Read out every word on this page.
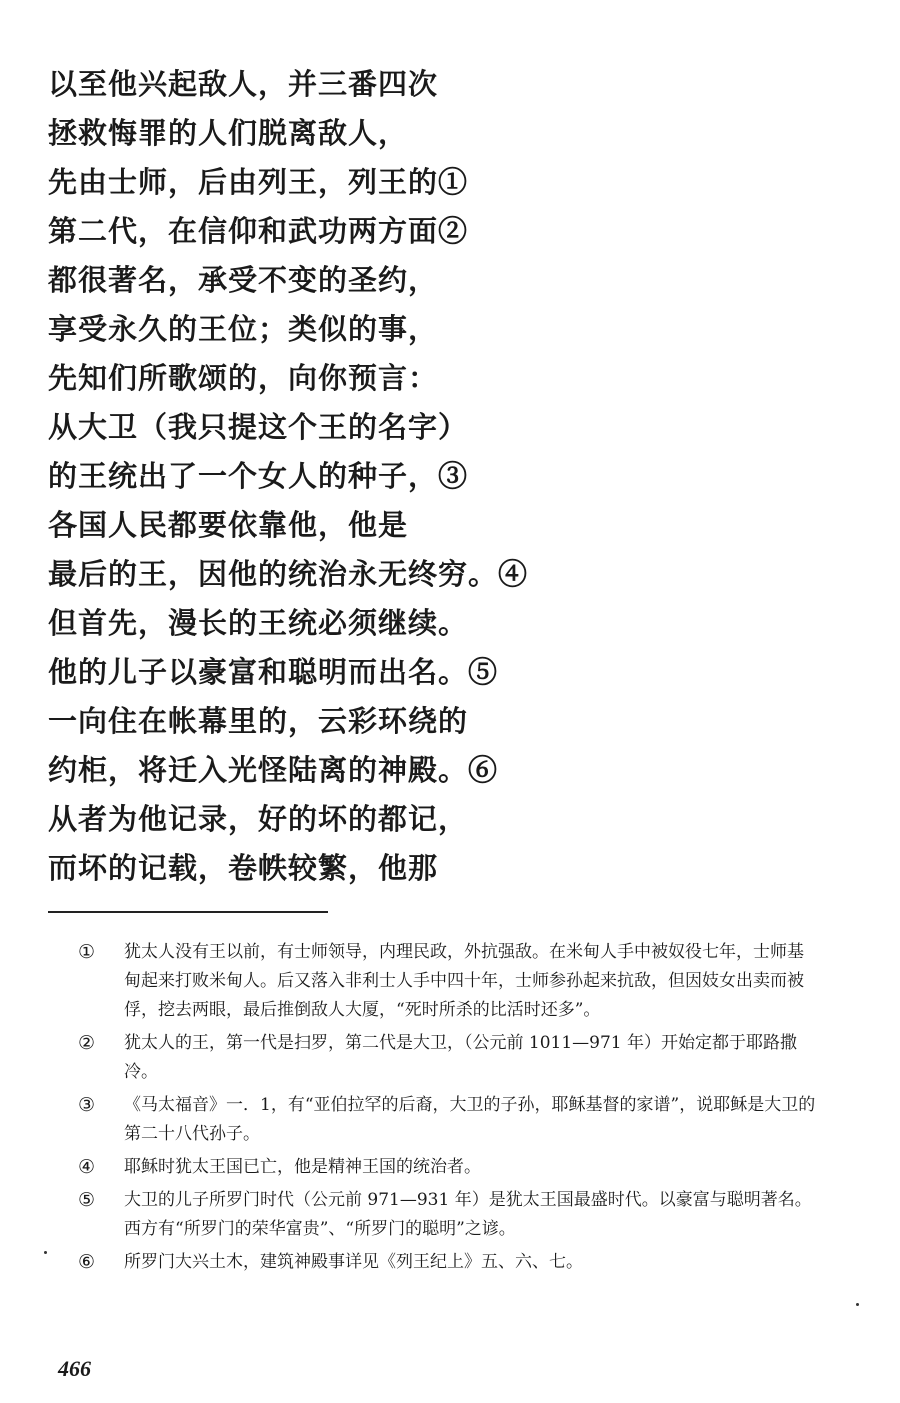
以至他兴起敌人，并三番四次
拯救悔罪的人们脱离敌人，
先由士师，后由列王，列王的①
第二代，在信仰和武功两方面②
都很著名，承受不变的圣约，
享受永久的王位；类似的事，
先知们所歌颂的，向你预言：
从大卫（我只提这个王的名字）
的王统出了一个女人的种子，③
各国人民都要依靠他，他是
最后的王，因他的统治永无终穷。④
但首先，漫长的王统必须继续。
他的儿子以豪富和聪明而出名。⑤
一向住在帐幕里的，云彩环绕的
约柜，将迁入光怪陆离的神殿。⑥
从者为他记录，好的坏的都记，
而坏的记载，卷帙较繁，他那
①	犹太人没有王以前，有士师领导，内理民政，外抗强敌。在米甸人手中被奴役七年，士师基甸起来打败米甸人。后又落入非利士人手中四十年，士师参孙起来抗敌，但因妓女出卖而被俘，挖去两眼，最后推倒敌人大厦，“死时所杀的比活时还多”。
②	犹太人的王，第一代是扫罗，第二代是大卫，（公元前 1011—971 年）开始定都于耶路撒冷。
③	《马太福音》一．1，有“亚伯拉罕的后裔，大卫的子孙，耶稣基督的家谱”，说耶稣是大卫的第二十八代孙子。
④	耶稣时犹太王国已亡，他是精神王国的统治者。
⑤	大卫的儿子所罗门时代（公元前 971—931 年）是犹太王国最盛时代。以豪富与聪明著名。西方有“所罗门的荣华富贵”、“所罗门的聪明”之谚。
⑥	所罗门大兴土木，建筑神殿事详见《列王纪上》五、六、七。
466
